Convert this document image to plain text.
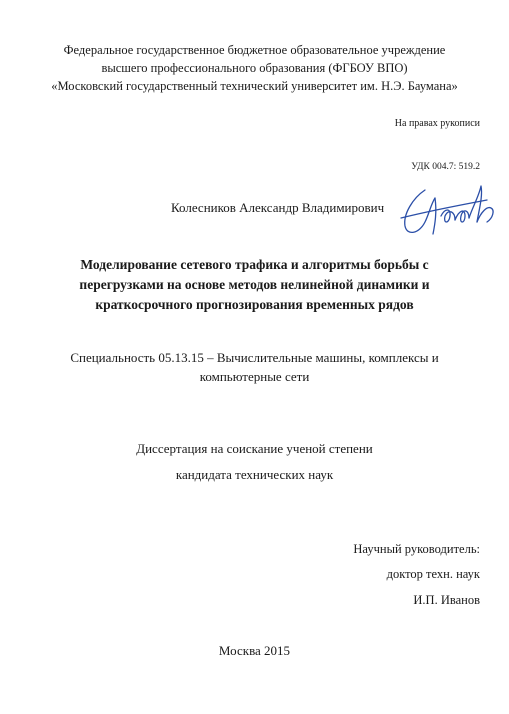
Федеральное государственное бюджетное образовательное учреждение
высшего профессионального образования (ФГБОУ ВПО)
«Московский государственный технический университет им. Н.Э. Баумана»
На правах рукописи
УДК 004.7: 519.2
Колесников Александр Владимирович
Моделирование сетевого трафика и алгоритмы борьбы с
перегрузками на основе методов нелинейной динамики и
краткосрочного прогнозирования временных рядов
Специальность 05.13.15 – Вычислительные машины, комплексы и
компьютерные сети
Диссертация на соискание ученой степени
кандидата технических наук
Научный руководитель:
доктор техн. наук
И.П. Иванов
Москва 2015
